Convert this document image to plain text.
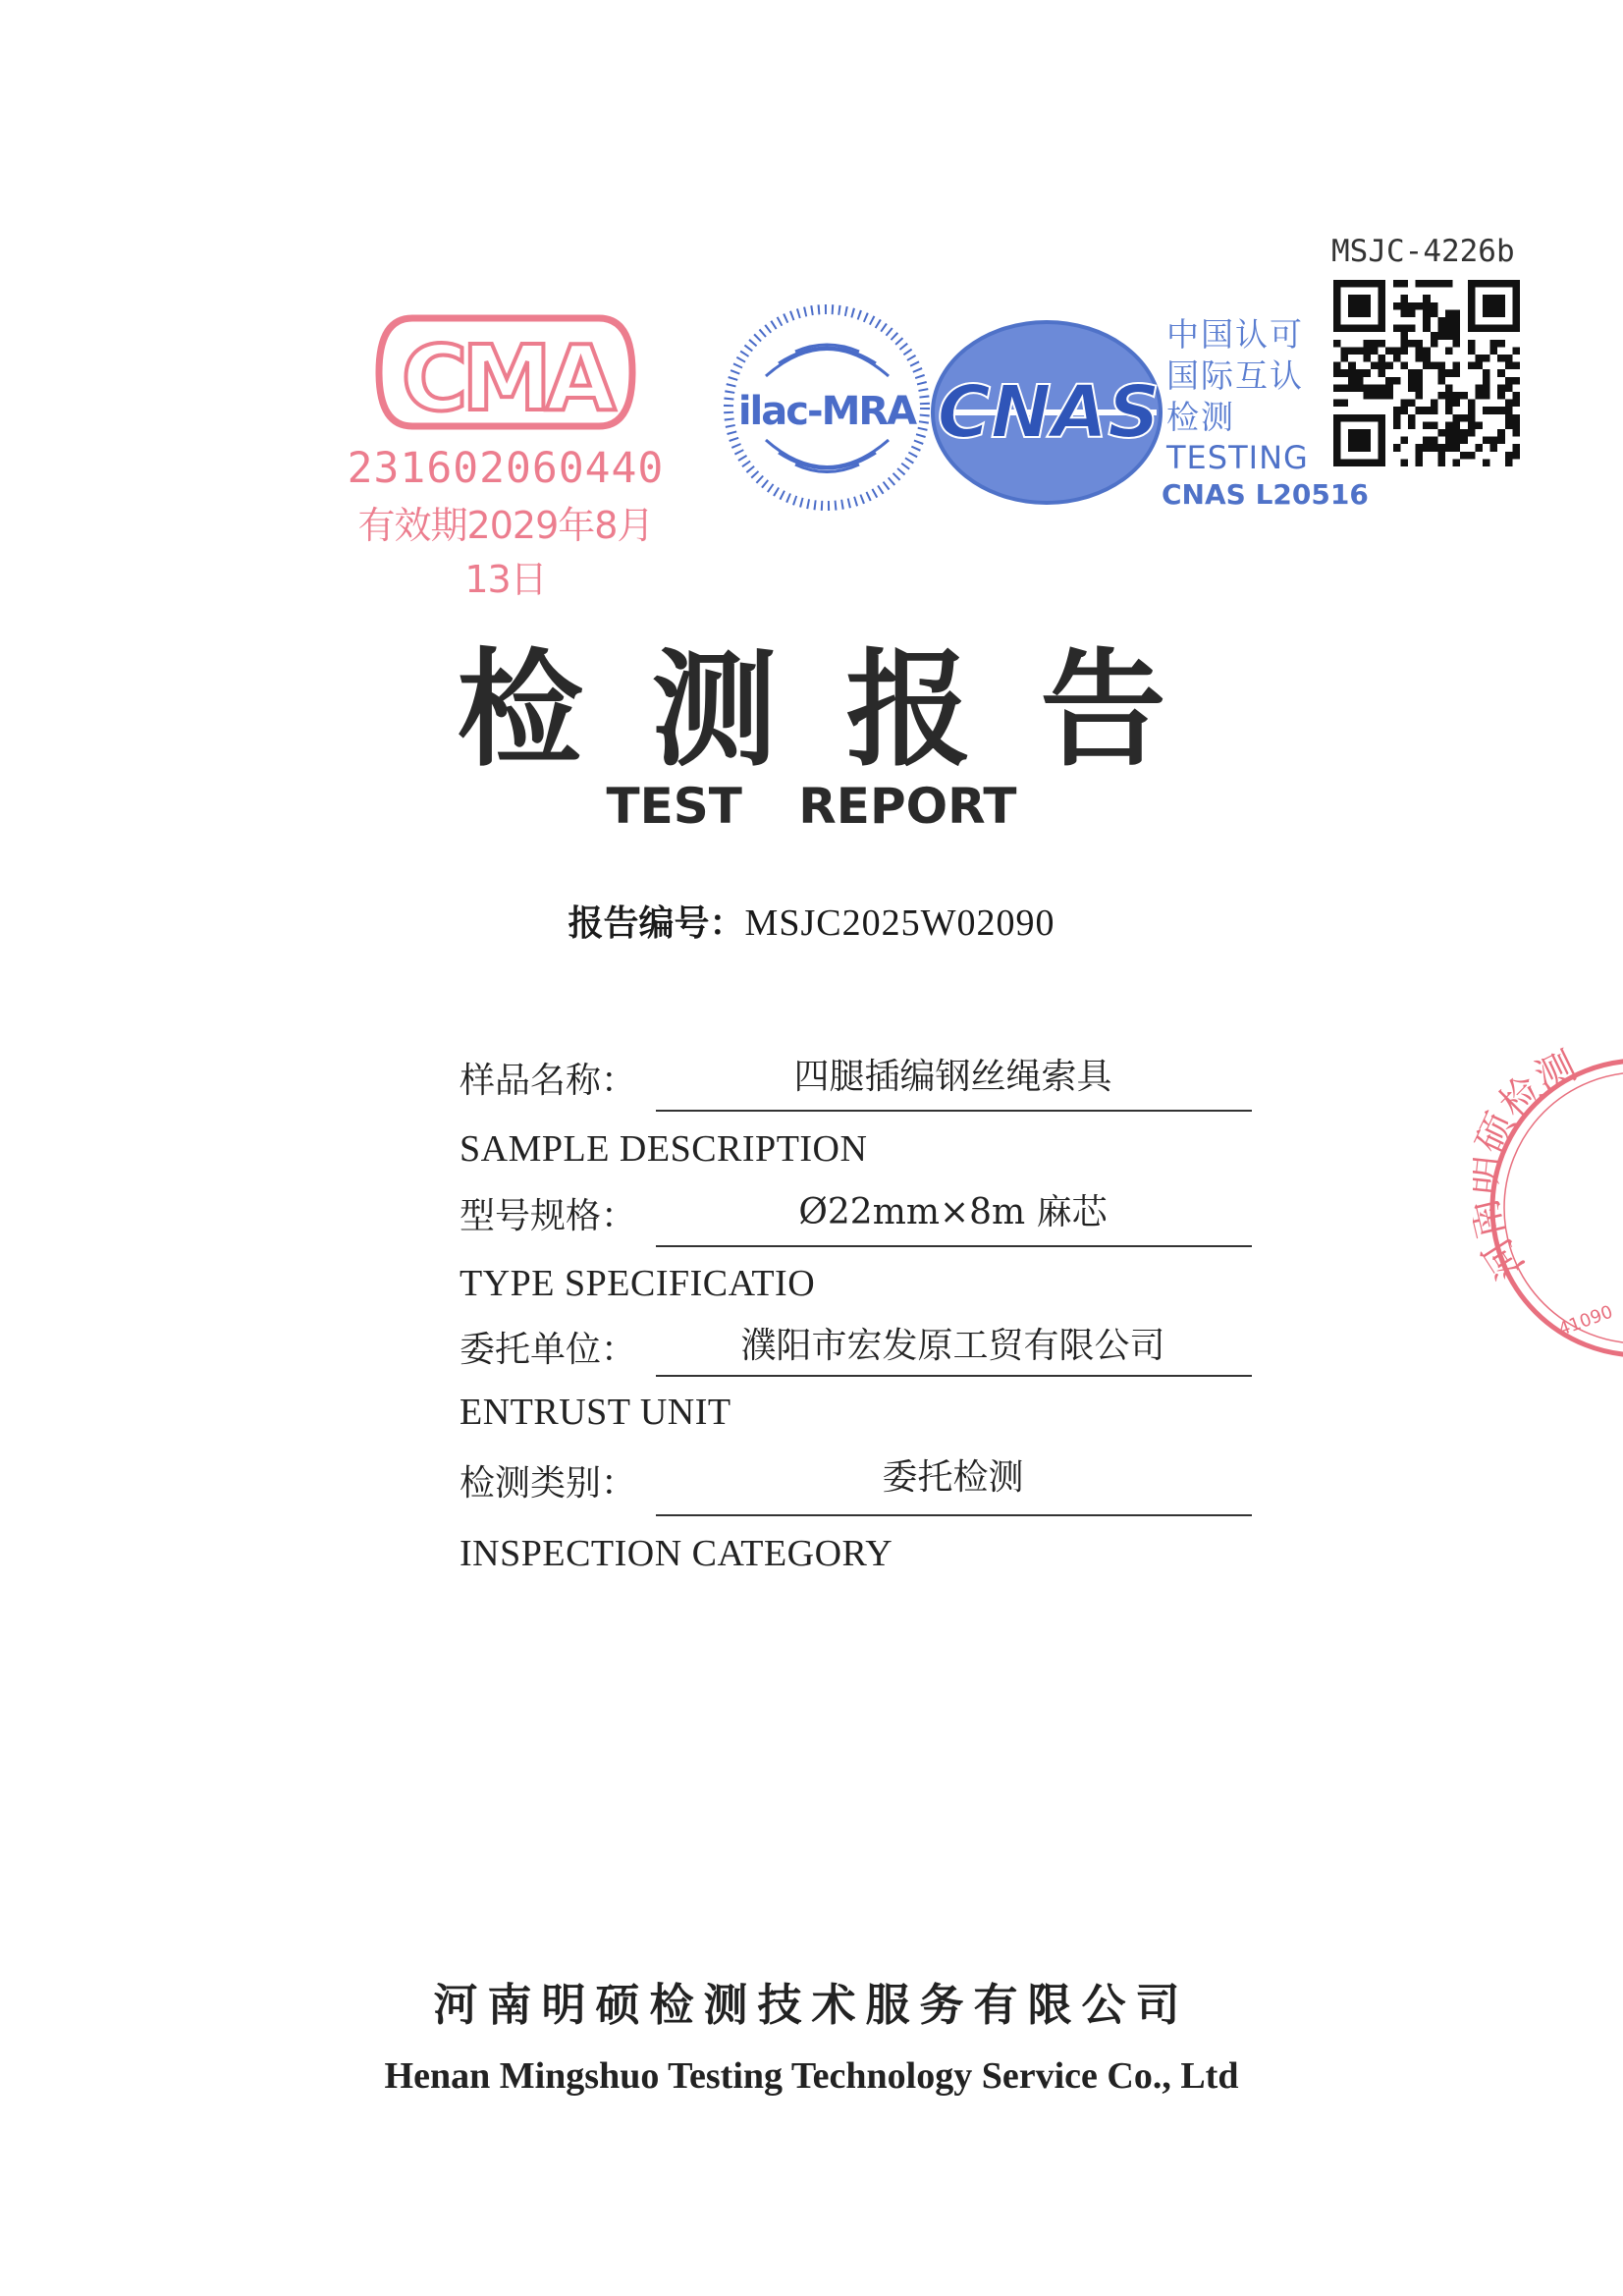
CMA
231602060440
有效期2029年8月13日
ilac-MRA CNAS
中国认可
国际互认
检测
TESTING
CNAS L20516
MSJC-4226b
检测报告
TEST REPORT
报告编号：MSJC2025W02090
样品名称：	四腿插编钢丝绳索具
SAMPLE DESCRIPTION
型号规格：	Ø22mm×8m 麻芯
TYPE SPECIFICATIO
委托单位：	濮阳市宏发原工贸有限公司
ENTRUST UNIT
检测类别：	委托检测
INSPECTION CATEGORY
河南明硕检测技术服务有限公司
Henan Mingshuo Testing Technology Service Co., Ltd
河 硕检测
41090
